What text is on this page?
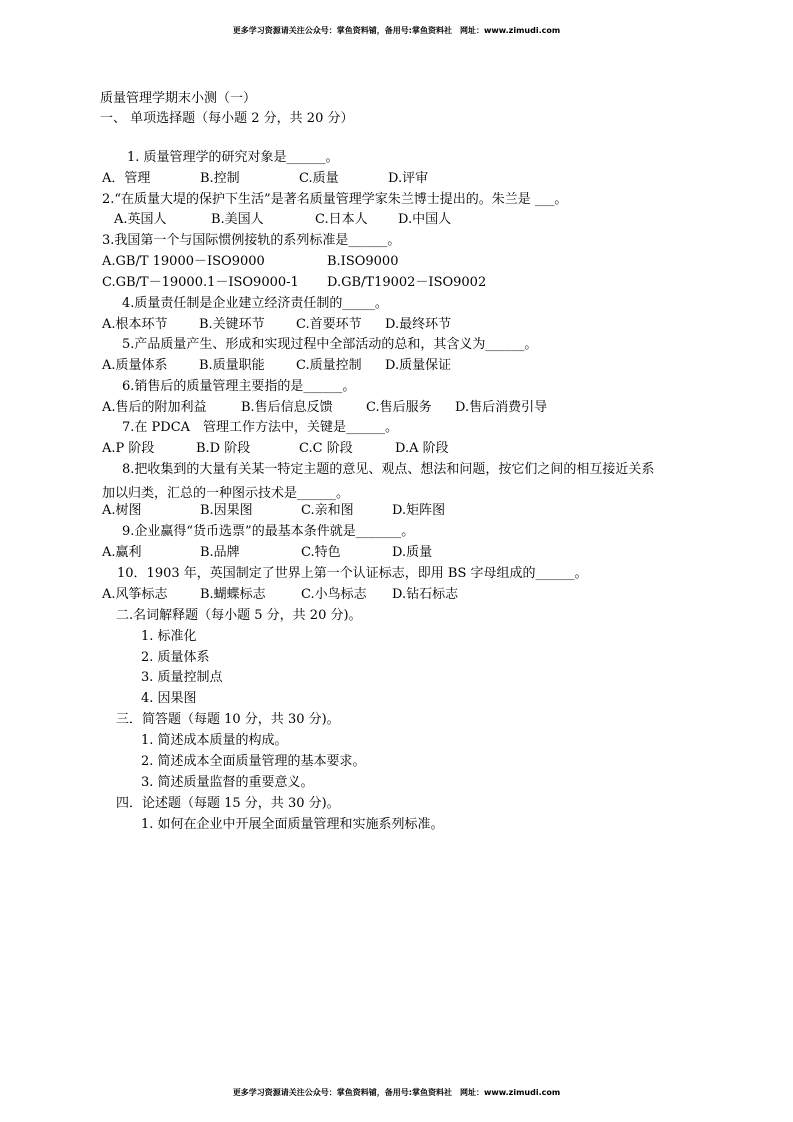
更多学习资源请关注公众号：掌鱼资料铺，备用号:掌鱼资料社　网址：www.zimudi.com
质量管理学期末小测（一）
一、 单项选择题（每小题 2 分，共 20 分）
1. 质量管理学的研究对象是______。
A．管理	B.控制	C.质量	D.评审
2.“在质量大堤的保护下生活”是著名质量管理学家朱兰博士提出的。朱兰是 ___。
A.英国人	B.美国人	C.日本人 D.中国人
3.我国第一个与国际惯例接轨的系列标准是______。
A.GB/T 19000－ISO9000	B.ISO9000
C.GB/T－19000.1－ISO9000-1 D.GB/T19002－ISO9002
4.质量责任制是企业建立经济责任制的_____。
A.根本环节 B.关键环节 C.首要环节 D.最终环节
5.产品质量产生、形成和实现过程中全部活动的总和，其含义为______。
A.质量体系 B.质量职能 C.质量控制 D.质量保证
6.销售后的质量管理主要指的是______。
A.售后的附加利益	B.售后信息反馈	C.售后服务 D.售后消费引导
7.在 PDCA　管理工作方法中，关键是______。
A.P 阶段	B.D 阶段	C.C 阶段	D.A 阶段
8.把收集到的大量有关某一特定主题的意见、观点、想法和问题，按它们之间的相互接近关系
加以归类，汇总的一种图示技术是______。
A.树图	B.因果图	C.亲和图	D.矩阵图
9.企业赢得“货币选票”的最基本条件就是_______。
A.赢利	B.品牌	C.特色	D.质量
10．1903 年，英国制定了世界上第一个认证标志，即用 BS 字母组成的______。
A.风筝标志 B.蝴蝶标志	C.小鸟标志 D.钻石标志
二.名词解释题（每小题 5 分，共 20 分)。
1. 标准化
2. 质量体系
3. 质量控制点
4. 因果图
三．简答题（每题 10 分，共 30 分)。
1. 简述成本质量的构成。
2. 简述成本全面质量管理的基本要求。
3. 简述质量监督的重要意义。
四．论述题（每题 15 分，共 30 分)。
1. 如何在企业中开展全面质量管理和实施系列标准。
更多学习资源请关注公众号：掌鱼资料铺，备用号:掌鱼资料社　网址：www.zimudi.com
